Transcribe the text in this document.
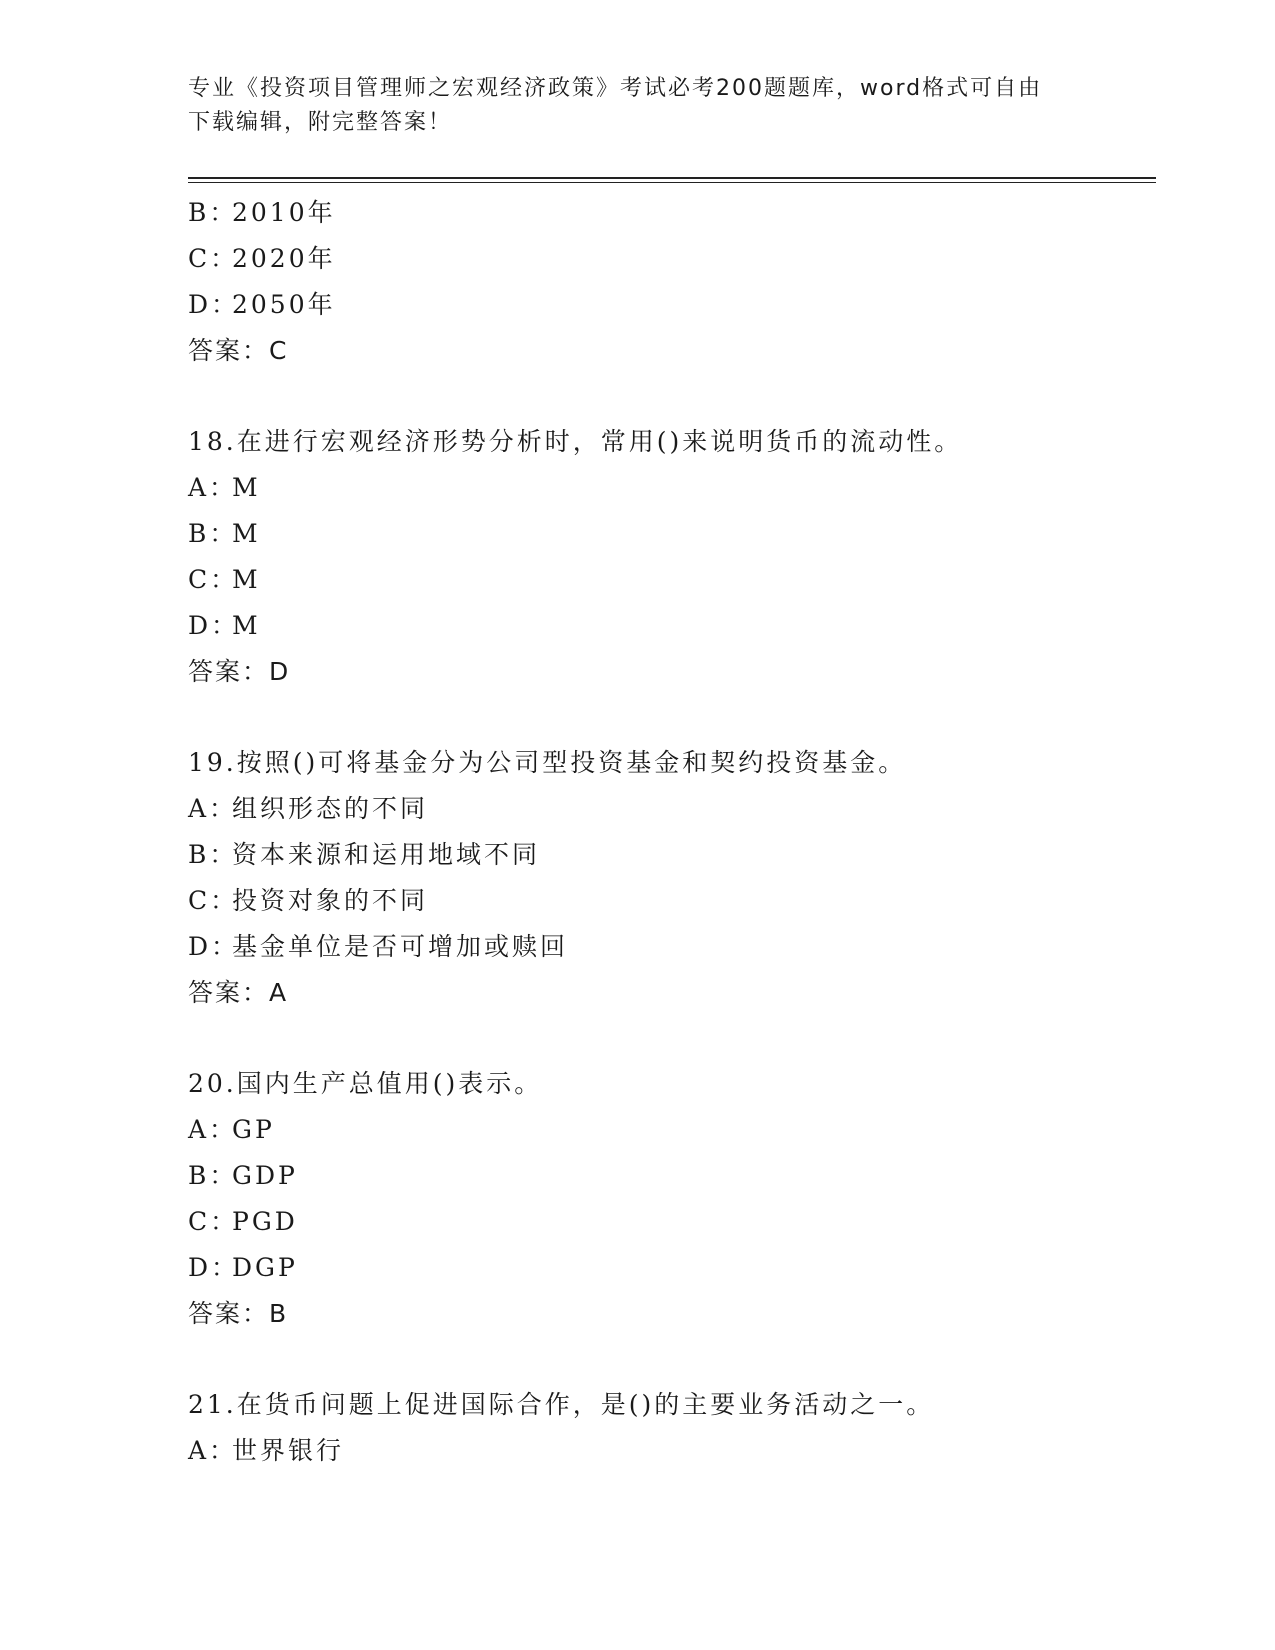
专业《投资项目管理师之宏观经济政策》考试必考200题题库，word格式可自由
下载编辑，附完整答案！
B：2010年
C：2020年
D：2050年
答案：C
18.在进行宏观经济形势分析时，常用()来说明货币的流动性。
A：M
B：M
C：M
D：M
答案：D
19.按照()可将基金分为公司型投资基金和契约投资基金。
A：组织形态的不同
B：资本来源和运用地域不同
C：投资对象的不同
D：基金单位是否可增加或赎回
答案：A
20.国内生产总值用()表示。
A：GP
B：GDP
C：PGD
D：DGP
答案：B
21.在货币问题上促进国际合作，是()的主要业务活动之一。
A：世界银行
